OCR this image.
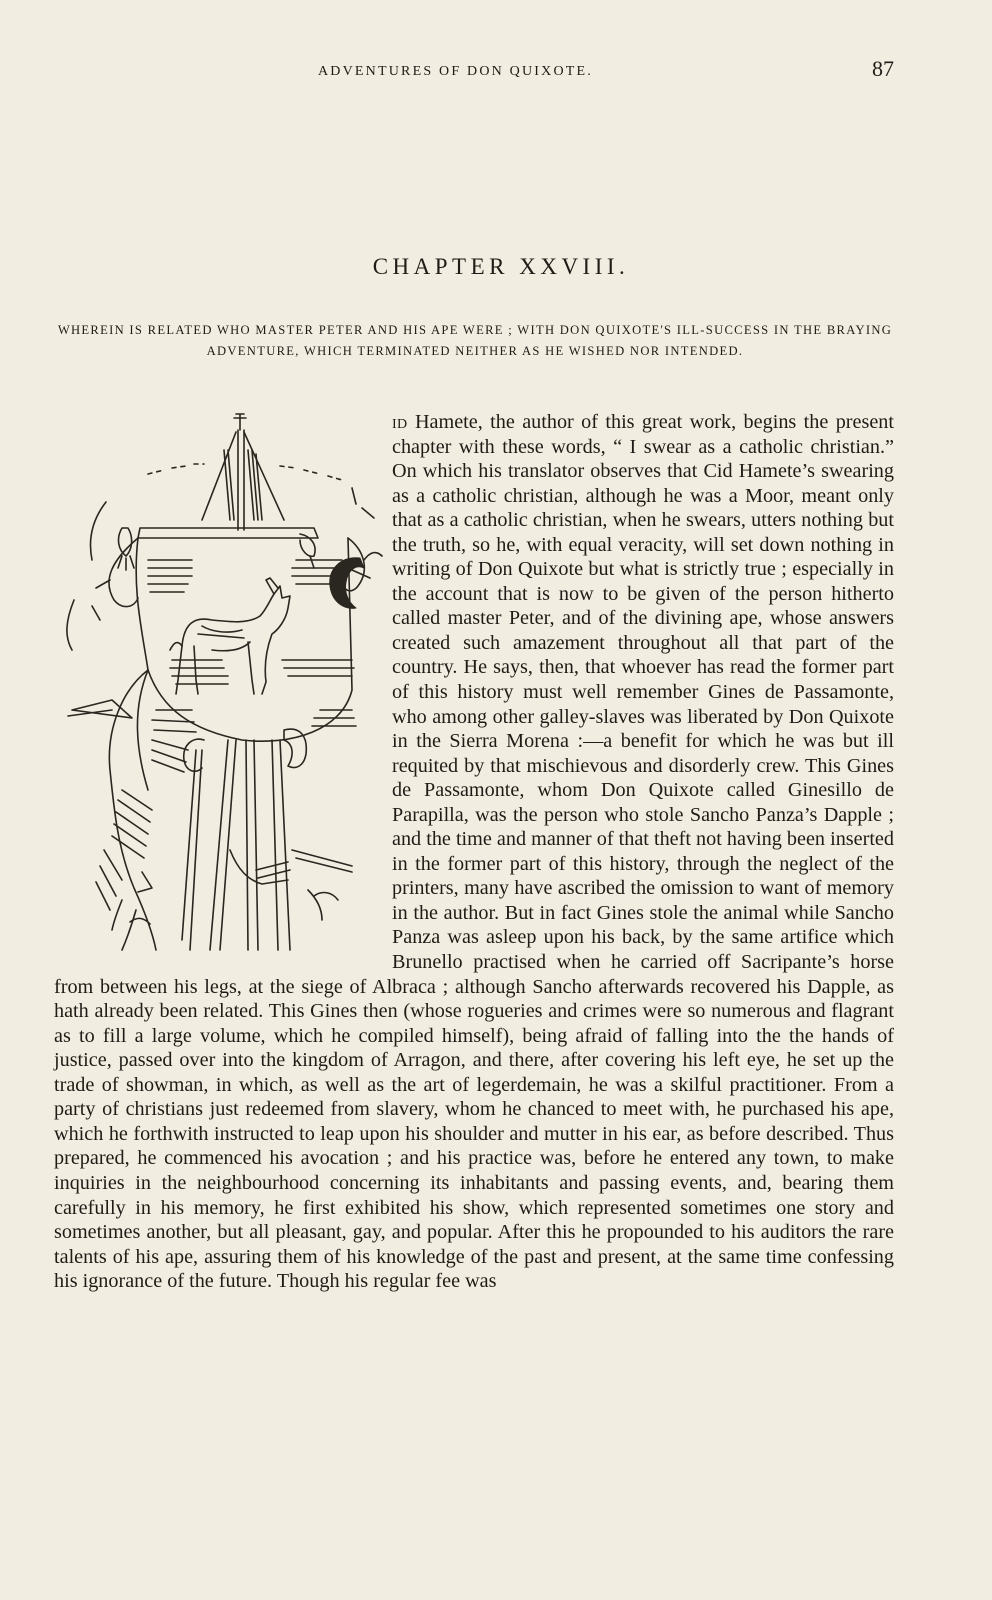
ADVENTURES OF DON QUIXOTE.	87
CHAPTER XXVIII.
WHEREIN IS RELATED WHO MASTER PETER AND HIS APE WERE ; WITH DON QUIXOTE'S ILL-SUCCESS IN THE BRAYING ADVENTURE, WHICH TERMINATED NEITHER AS HE WISHED NOR INTENDED.
id Hamete, the author of this great work, begins the present chapter with these words, “ I swear as a catholic christian.” On which his translator observes that Cid Hamete’s swearing as a catholic christian, although he was a Moor, meant only that as a catholic christian, when he swears, utters nothing but the truth, so he, with equal veracity, will set down nothing in writing of Don Quixote but what is strictly true ; especially in the account that is now to be given of the person hitherto called master Peter, and of the divining ape, whose answers created such amazement throughout all that part of the country. He says, then, that whoever has read the former part of this history must well remember Gines de Passamonte, who among other galley-slaves was liberated by Don Quixote in the Sierra Morena :—a benefit for which he was but ill requited by that mischievous and disorderly crew. This Gines de Passamonte, whom Don Quixote called Ginesillo de Parapilla, was the person who stole Sancho Panza’s Dapple ; and the time and manner of that theft not having been inserted in the former part of this history, through the neglect of the printers, many have ascribed the omission to want of memory in the author. But in fact Gines stole the animal while Sancho Panza was asleep upon his back, by the same artifice which Brunello practised when he carried off Sacripante’s horse from between his legs, at the siege of Albraca ; although Sancho afterwards recovered his Dapple, as hath already been related. This Gines then (whose rogueries and crimes were so numerous and flagrant as to fill a large volume, which he compiled himself), being afraid of falling into the the hands of justice, passed over into the kingdom of Arragon, and there, after covering his left eye, he set up the trade of showman, in which, as well as the art of legerdemain, he was a skilful practitioner. From a party of christians just redeemed from slavery, whom he chanced to meet with, he purchased his ape, which he forthwith instructed to leap upon his shoulder and mutter in his ear, as before described. Thus prepared, he commenced his avocation ; and his practice was, before he entered any town, to make inquiries in the neighbourhood concerning its inhabitants and passing events, and, bearing them carefully in his memory, he first exhibited his show, which represented sometimes one story and sometimes another, but all pleasant, gay, and popular. After this he propounded to his auditors the rare talents of his ape, assuring them of his knowledge of the past and present, at the same time confessing his ignorance of the future. Though his regular fee was
